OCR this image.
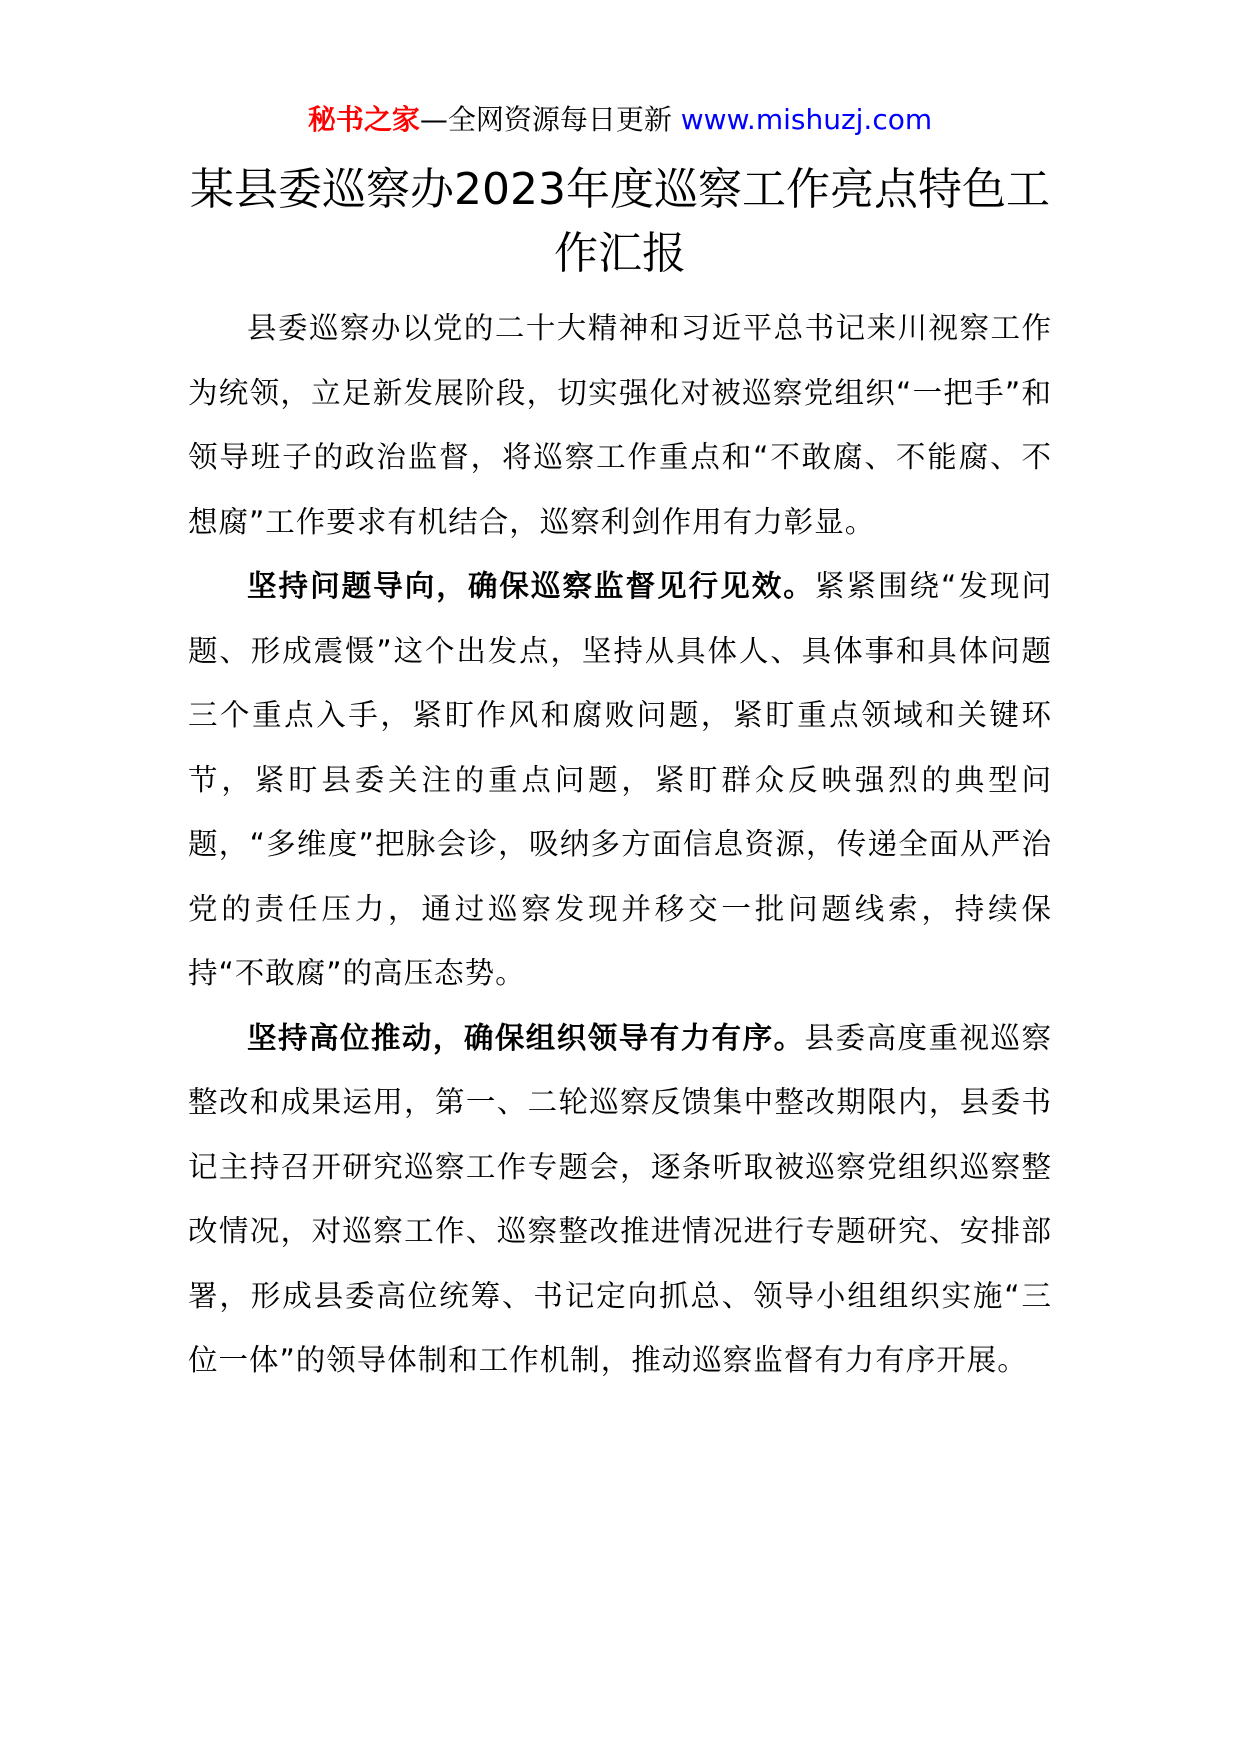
秘书之家—全网资源每日更新 www.mishuzj.com
某县委巡察办2023年度巡察工作亮点特色工作汇报

县委巡察办以党的二十大精神和习近平总书记来川视察工作为统领，立足新发展阶段，切实强化对被巡察党组织“一把手”和领导班子的政治监督，将巡察工作重点和“不敢腐、不能腐、不想腐”工作要求有机结合，巡察利剑作用有力彰显。

坚持问题导向，确保巡察监督见行见效。紧紧围绕“发现问题、形成震慑”这个出发点，坚持从具体人、具体事和具体问题三个重点入手，紧盯作风和腐败问题，紧盯重点领域和关键环节，紧盯县委关注的重点问题，紧盯群众反映强烈的典型问题，“多维度”把脉会诊，吸纳多方面信息资源，传递全面从严治党的责任压力，通过巡察发现并移交一批问题线索，持续保持“不敢腐”的高压态势。

坚持高位推动，确保组织领导有力有序。县委高度重视巡察整改和成果运用，第一、二轮巡察反馈集中整改期限内，县委书记主持召开研究巡察工作专题会，逐条听取被巡察党组织巡察整改情况，对巡察工作、巡察整改推进情况进行专题研究、安排部署，形成县委高位统筹、书记定向抓总、领导小组组织实施“三位一体”的领导体制和工作机制，推动巡察监督有力有序开展。
